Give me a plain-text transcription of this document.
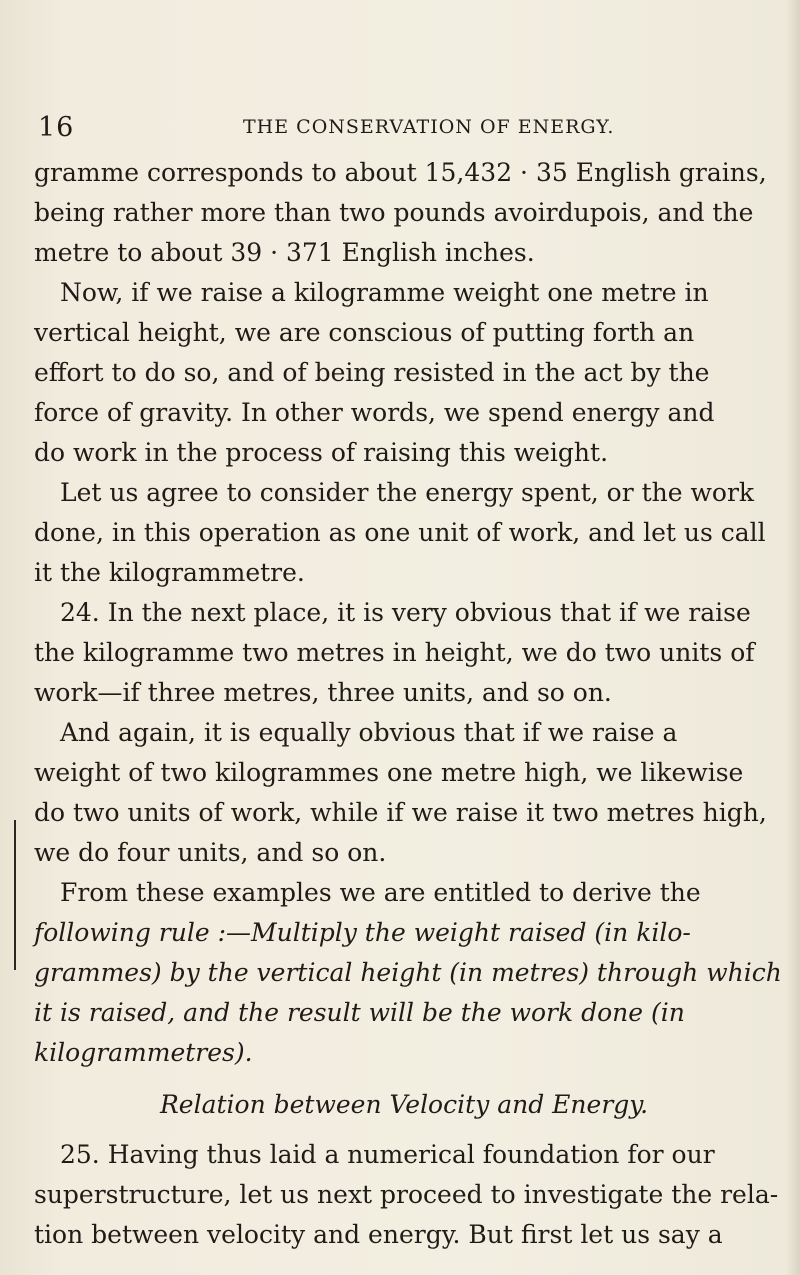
16	THE CONSERVATION OF ENERGY.
gramme corresponds to about 15,432 · 35 English grains,
being rather more than two pounds avoirdupois, and the
metre to about 39 · 371 English inches.
Now, if we raise a kilogramme weight one metre in
vertical height, we are conscious of putting forth an
effort to do so, and of being resisted in the act by the
force of gravity. In other words, we spend energy and
do work in the process of raising this weight.
Let us agree to consider the energy spent, or the work
done, in this operation as one unit of work, and let us call
it the kilogrammetre.
24. In the next place, it is very obvious that if we raise
the kilogramme two metres in height, we do two units of
work—if three metres, three units, and so on.
And again, it is equally obvious that if we raise a
weight of two kilogrammes one metre high, we likewise
do two units of work, while if we raise it two metres high,
we do four units, and so on.
From these examples we are entitled to derive the
following rule :—Multiply the weight raised (in kilo-
grammes) by the vertical height (in metres) through which
it is raised, and the result will be the work done (in
kilogrammetres).
Relation between Velocity and Energy.
25. Having thus laid a numerical foundation for our
superstructure, let us next proceed to investigate the rela-
tion between velocity and energy. But first let us say a
